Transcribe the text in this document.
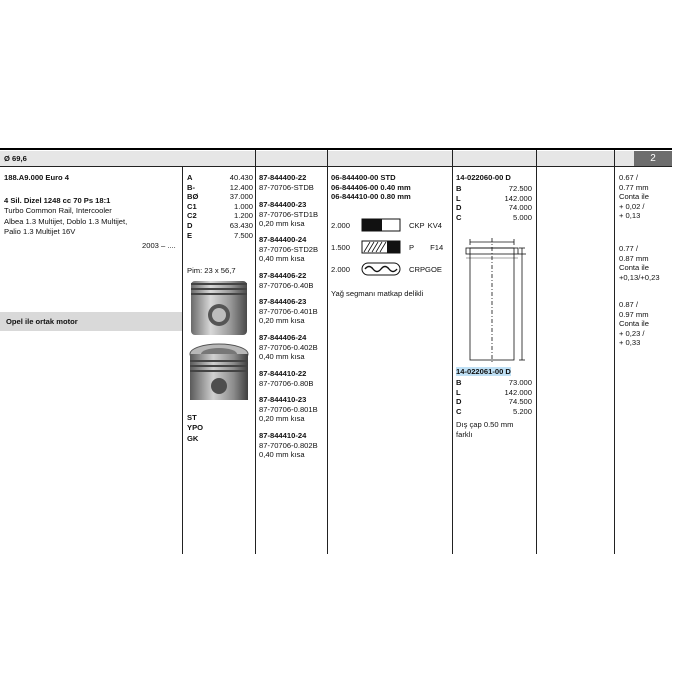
Ø 69,6	2
188.A9.000 Euro 4
4 Sil. Dizel 1248 cc 70 Ps 18:1
Turbo Common Rail, Intercooler
Albea 1.3 Multijet, Doblo 1.3 Multijet,
Palio 1.3 Multijet 16V
2003 – ....
Opel ile ortak motor
A	40.430
B-	12.400
BØ	37.000
C1	1.000
C2	1.200
D	63.430
E	7.500
Pim: 23 x 56,7
ST
YPO
GK
87-844400-22
87-70706-STDB
87-844400-23
87-70706-STD1B
0,20 mm kısa
87-844400-24
87-70706-STD2B
0,40 mm kısa
87-844406-22
87-70706-0.40B
87-844406-23
87-70706-0.401B
0,20 mm kısa
87-844406-24
87-70706-0.402B
0,40 mm kısa
87-844410-22
87-70706-0.80B
87-844410-23
87-70706-0.801B
0,20 mm kısa
87-844410-24
87-70706-0.802B
0,40 mm kısa
06-844400-00 STD
06-844406-00 0.40 mm
06-844410-00 0.80 mm
2.000	CKP KV4
1.500	P F14
2.000	CRPGOE
Yağ segmanı matkap delikli
14-022060-00 D
B	72.500
L	142.000
D	74.000
C	5.000
14-022061-00 D
B	73.000
L	142.000
D	74.500
C	5.200
Dış çap 0.50 mm
farklı
0.67 /
0.77 mm
Conta ile
+ 0,02 /
+ 0,13
0.77 /
0.87 mm
Conta ile
+0,13/+0,23
0.87 /
0.97 mm
Conta ile
+ 0,23 /
+ 0,33
